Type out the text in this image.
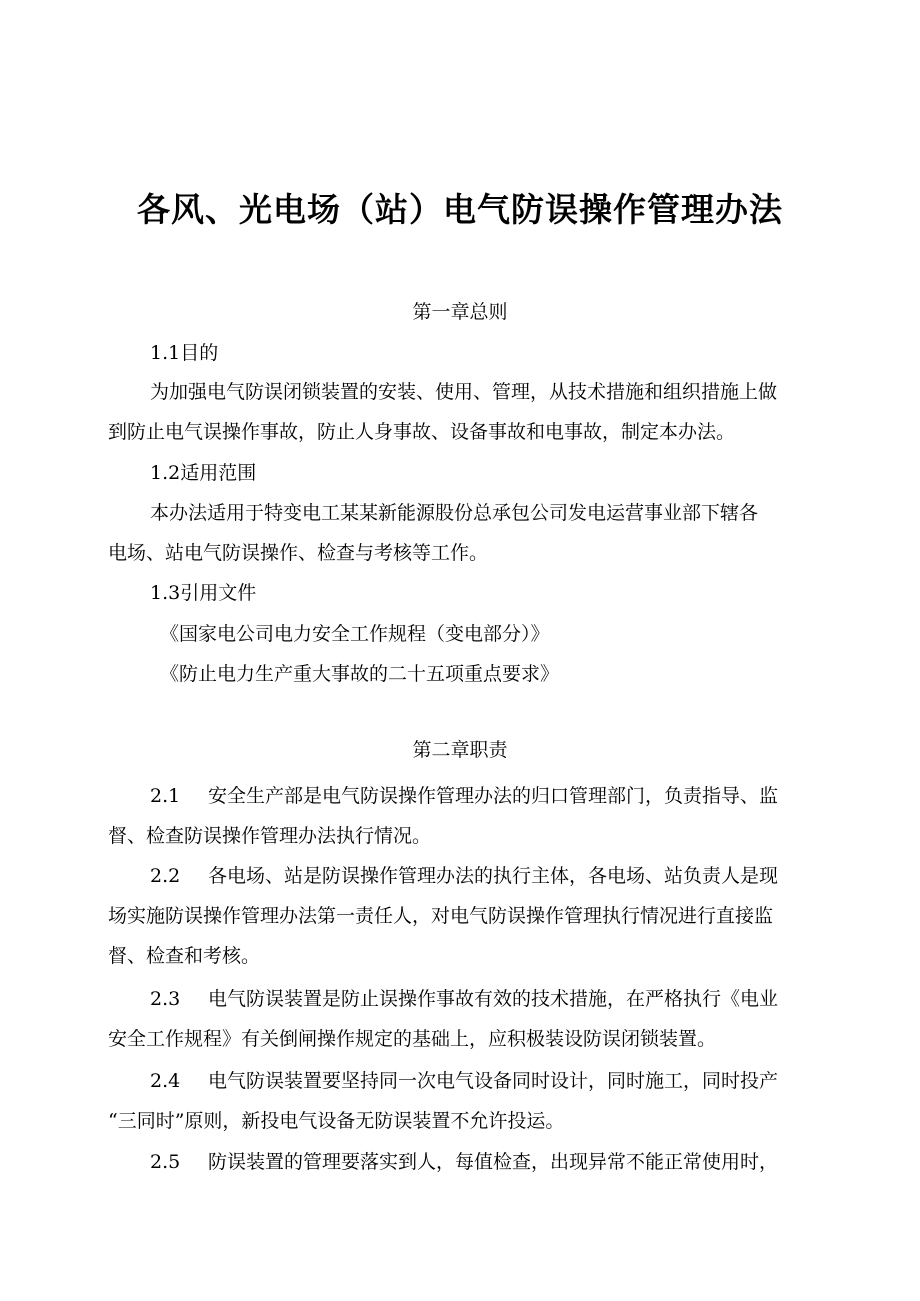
各风、光电场（站）电气防误操作管理办法
第一章总则
1.1目的
为加强电气防误闭锁装置的安装、使用、管理，从技术措施和组织措施上做
到防止电气误操作事故，防止人身事故、设备事故和电事故，制定本办法。
1.2适用范围
本办法适用于特变电工某某新能源股份总承包公司发电运营事业部下辖各
电场、站电气防误操作、检查与考核等工作。
1.3引用文件
《国家电公司电力安全工作规程（变电部分）》
《防止电力生产重大事故的二十五项重点要求》
第二章职责
2.1 安全生产部是电气防误操作管理办法的归口管理部门，负责指导、监
督、检查防误操作管理办法执行情况。
2.2 各电场、站是防误操作管理办法的执行主体，各电场、站负责人是现
场实施防误操作管理办法第一责任人，对电气防误操作管理执行情况进行直接监
督、检查和考核。
2.3 电气防误装置是防止误操作事故有效的技术措施，在严格执行《电业
安全工作规程》有关倒闸操作规定的基础上，应积极装设防误闭锁装置。
2.4 电气防误装置要坚持同一次电气设备同时设计，同时施工，同时投产
“三同时”原则，新投电气设备无防误装置不允许投运。
2.5 防误装置的管理要落实到人，每值检查，出现异常不能正常使用时，
